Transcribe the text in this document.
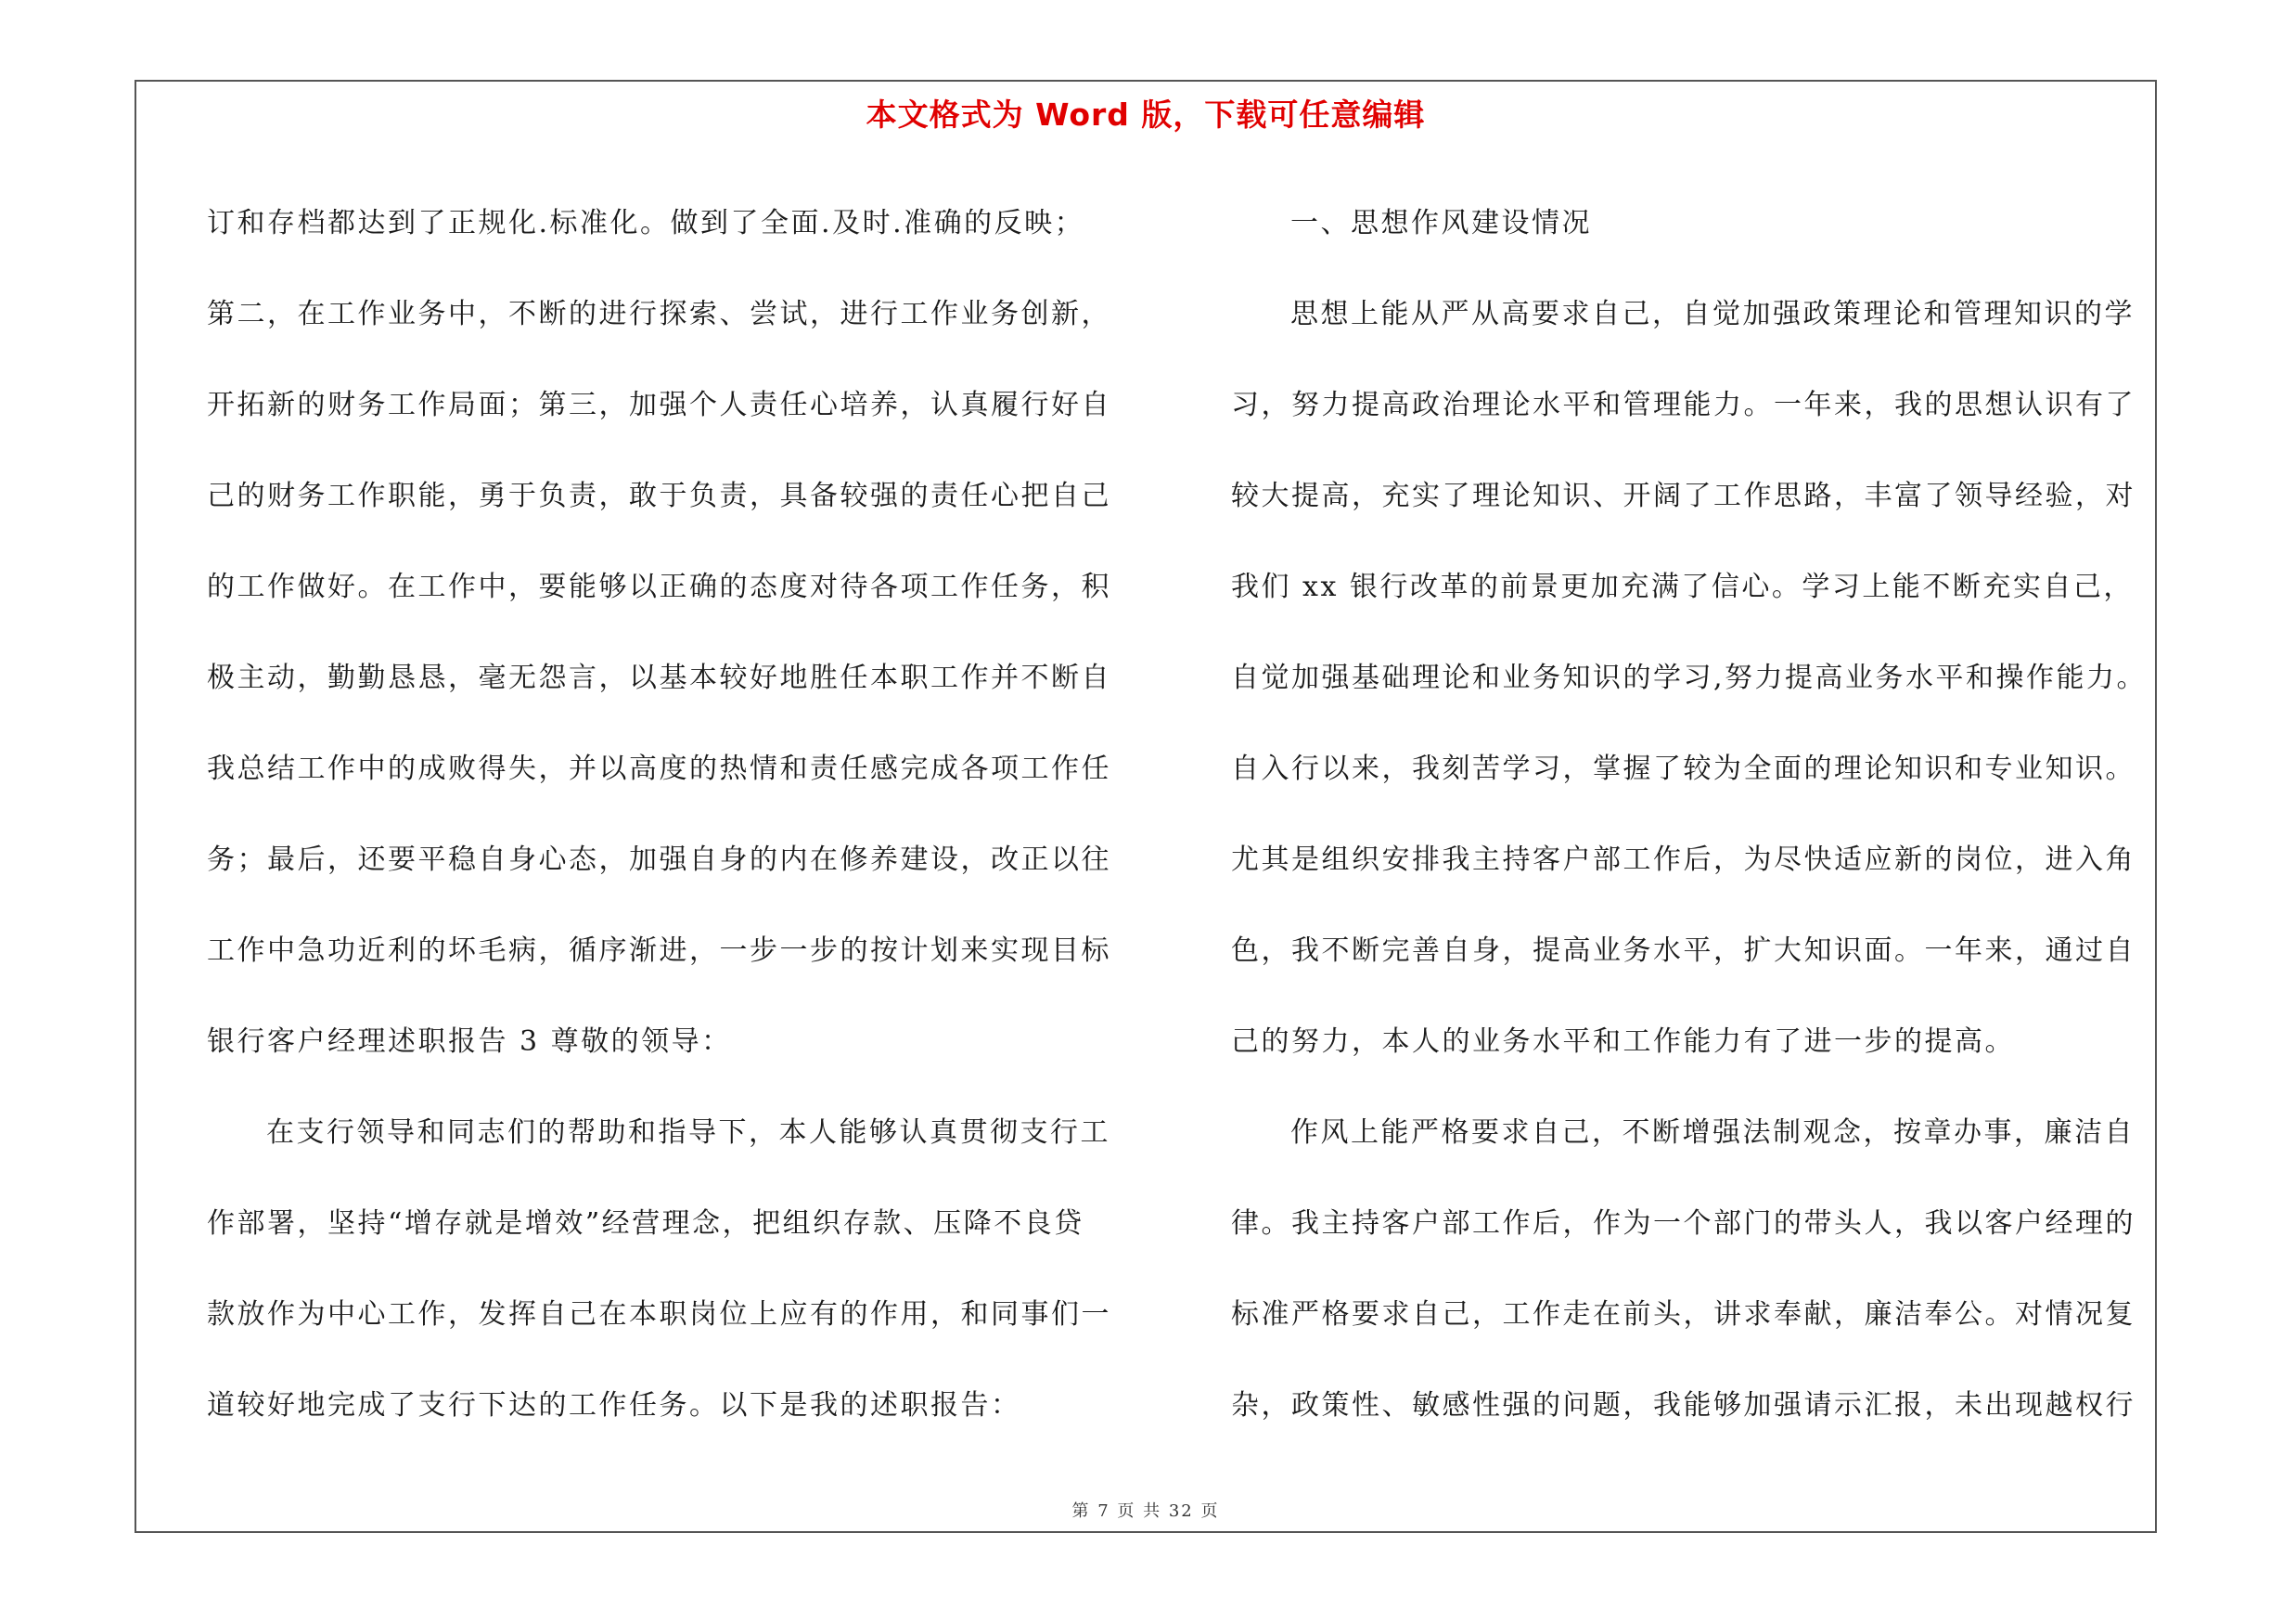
本文格式为 Word 版，下载可任意编辑
订和存档都达到了正规化.标准化。做到了全面.及时.准确的反映；
第二，在工作业务中，不断的进行探索、尝试，进行工作业务创新，
开拓新的财务工作局面；第三，加强个人责任心培养，认真履行好自
己的财务工作职能，勇于负责，敢于负责，具备较强的责任心把自己
的工作做好。在工作中，要能够以正确的态度对待各项工作任务，积
极主动，勤勤恳恳，毫无怨言，以基本较好地胜任本职工作并不断自
我总结工作中的成败得失，并以高度的热情和责任感完成各项工作任
务；最后，还要平稳自身心态，加强自身的内在修养建设，改正以往
工作中急功近利的坏毛病，循序渐进，一步一步的按计划来实现目标
银行客户经理述职报告 3 尊敬的领导：
在支行领导和同志们的帮助和指导下，本人能够认真贯彻支行工
作部署，坚持“增存就是增效”经营理念，把组织存款、压降不良贷
款放作为中心工作，发挥自己在本职岗位上应有的作用，和同事们一
道较好地完成了支行下达的工作任务。以下是我的述职报告：
一、思想作风建设情况
思想上能从严从高要求自己，自觉加强政策理论和管理知识的学
习，努力提高政治理论水平和管理能力。一年来，我的思想认识有了
较大提高，充实了理论知识、开阔了工作思路，丰富了领导经验，对
我们 xx 银行改革的前景更加充满了信心。学习上能不断充实自己，
自觉加强基础理论和业务知识的学习,努力提高业务水平和操作能力。
自入行以来，我刻苦学习，掌握了较为全面的理论知识和专业知识。
尤其是组织安排我主持客户部工作后，为尽快适应新的岗位，进入角
色，我不断完善自身，提高业务水平，扩大知识面。一年来，通过自
己的努力，本人的业务水平和工作能力有了进一步的提高。
作风上能严格要求自己，不断增强法制观念，按章办事，廉洁自
律。我主持客户部工作后，作为一个部门的带头人，我以客户经理的
标准严格要求自己，工作走在前头，讲求奉献，廉洁奉公。对情况复
杂，政策性、敏感性强的问题，我能够加强请示汇报，未出现越权行
第 7 页 共 32 页
